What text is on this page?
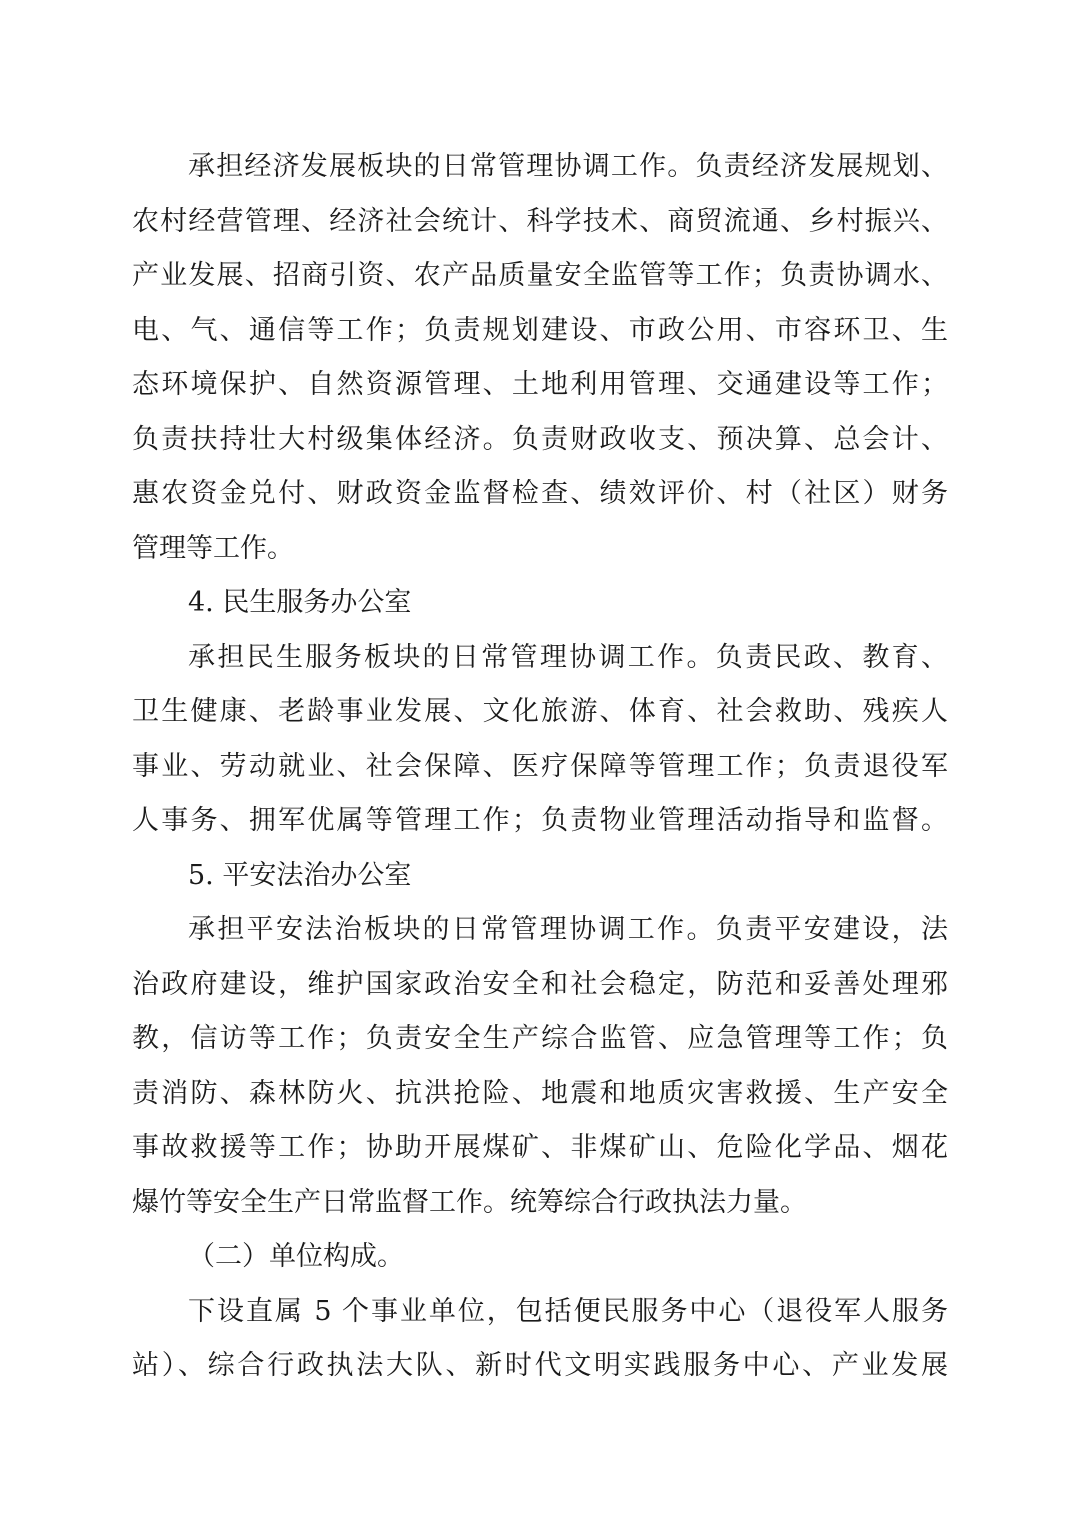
承担经济发展板块的日常管理协调工作。负责经济发展规划、
农村经营管理、经济社会统计、科学技术、商贸流通、乡村振兴、
产业发展、招商引资、农产品质量安全监管等工作；负责协调水、
电、气、通信等工作；负责规划建设、市政公用、市容环卫、生
态环境保护、自然资源管理、土地利用管理、交通建设等工作；
负责扶持壮大村级集体经济。负责财政收支、预决算、总会计、
惠农资金兑付、财政资金监督检查、绩效评价、村（社区）财务
管理等工作。
4. 民生服务办公室
承担民生服务板块的日常管理协调工作。负责民政、教育、
卫生健康、老龄事业发展、文化旅游、体育、社会救助、残疾人
事业、劳动就业、社会保障、医疗保障等管理工作；负责退役军
人事务、拥军优属等管理工作；负责物业管理活动指导和监督。
5. 平安法治办公室
承担平安法治板块的日常管理协调工作。负责平安建设，法
治政府建设，维护国家政治安全和社会稳定，防范和妥善处理邪
教，信访等工作；负责安全生产综合监管、应急管理等工作；负
责消防、森林防火、抗洪抢险、地震和地质灾害救援、生产安全
事故救援等工作；协助开展煤矿、非煤矿山、危险化学品、烟花
爆竹等安全生产日常监督工作。统筹综合行政执法力量。
（二）单位构成。
下设直属 5 个事业单位，包括便民服务中心（退役军人服务
站）、综合行政执法大队、新时代文明实践服务中心、产业发展
